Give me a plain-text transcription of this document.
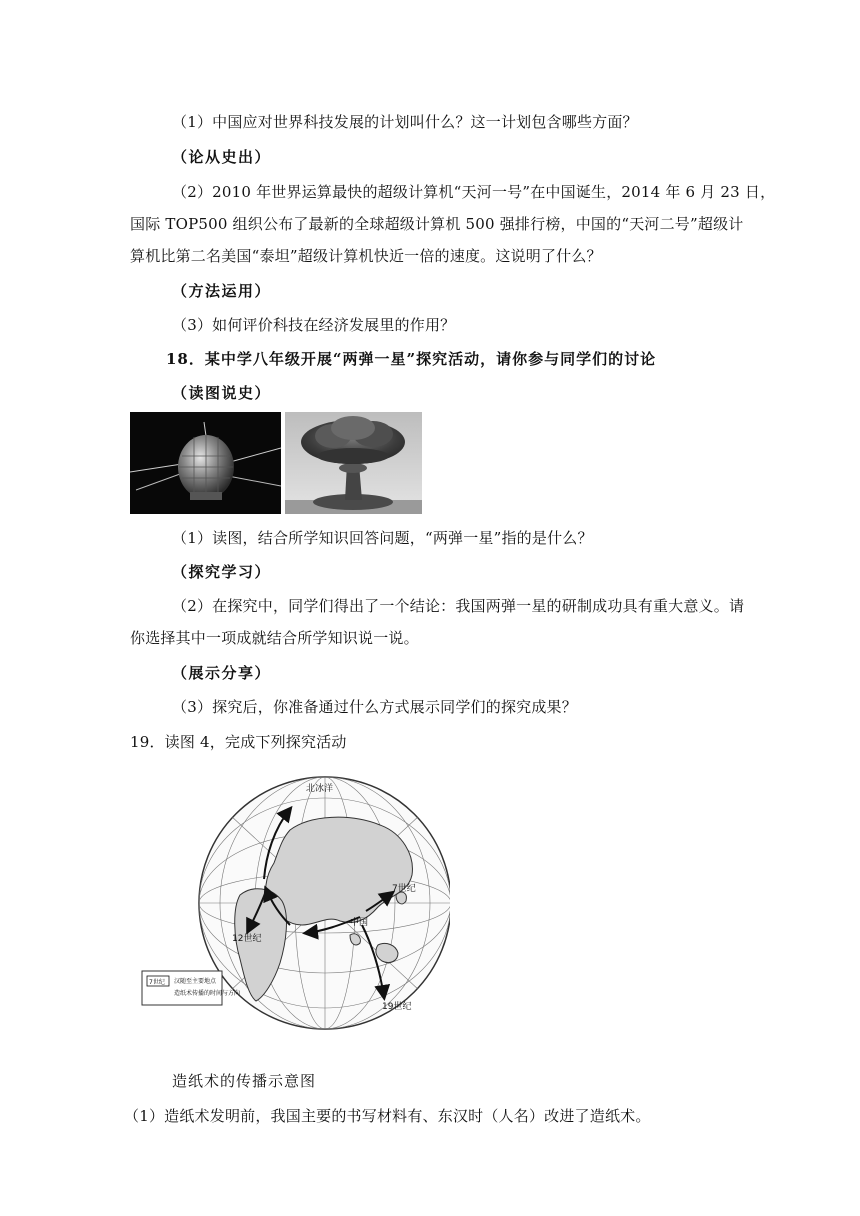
（1）中国应对世界科技发展的计划叫什么？这一计划包含哪些方面？
（论从史出）
（2）2010 年世界运算最快的超级计算机“天河一号”在中国诞生，2014 年 6 月 23 日，
国际 TOP500 组织公布了最新的全球超级计算机 500 强排行榜，中国的“天河二号”超级计
算机比第二名美国“泰坦”超级计算机快近一倍的速度。这说明了什么？
（方法运用）
（3）如何评价科技在经济发展里的作用？
18．某中学八年级开展“两弹一星”探究活动，请你参与同学们的讨论
（读图说史）
（1）读图，结合所学知识回答问题，“两弹一星”指的是什么？
（探究学习）
（2）在探究中，同学们得出了一个结论：我国两弹一星的研制成功具有重大意义。请
你选择其中一项成就结合所学知识说一说。
（展示分享）
（3）探究后，你准备通过什么方式展示同学们的探究成果？
19．读图 4，完成下列探究活动
北冰洋
7世纪
12世纪
19世纪
中国
7世纪 汉随至主要地点
造纸术传播的时间与方向
造纸术的传播示意图
（1）造纸术发明前，我国主要的书写材料有、东汉时（人名）改进了造纸术。
